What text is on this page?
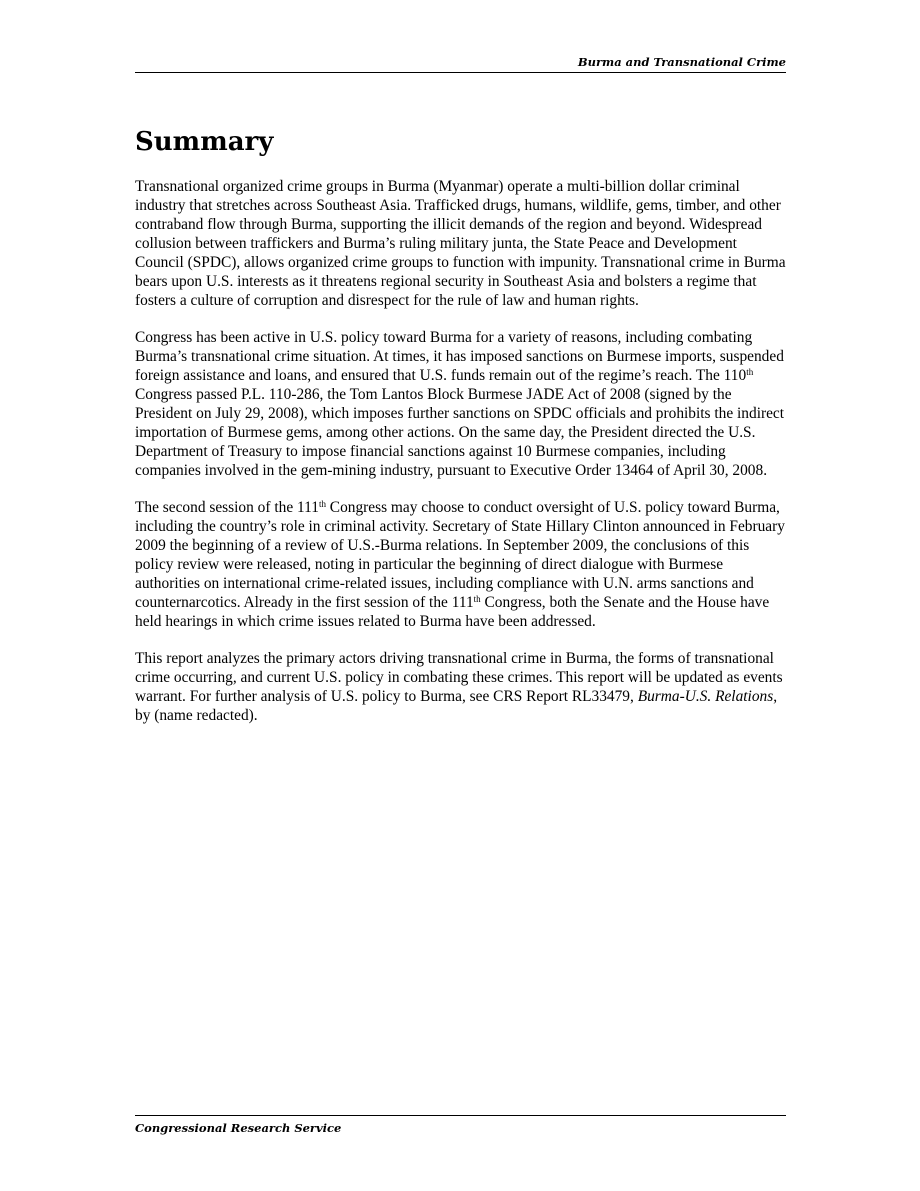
Burma and Transnational Crime
Summary

Transnational organized crime groups in Burma (Myanmar) operate a multi-billion dollar criminal industry that stretches across Southeast Asia. Trafficked drugs, humans, wildlife, gems, timber, and other contraband flow through Burma, supporting the illicit demands of the region and beyond. Widespread collusion between traffickers and Burma’s ruling military junta, the State Peace and Development Council (SPDC), allows organized crime groups to function with impunity. Transnational crime in Burma bears upon U.S. interests as it threatens regional security in Southeast Asia and bolsters a regime that fosters a culture of corruption and disrespect for the rule of law and human rights.

Congress has been active in U.S. policy toward Burma for a variety of reasons, including combating Burma’s transnational crime situation. At times, it has imposed sanctions on Burmese imports, suspended foreign assistance and loans, and ensured that U.S. funds remain out of the regime’s reach. The 110th Congress passed P.L. 110-286, the Tom Lantos Block Burmese JADE Act of 2008 (signed by the President on July 29, 2008), which imposes further sanctions on SPDC officials and prohibits the indirect importation of Burmese gems, among other actions. On the same day, the President directed the U.S. Department of Treasury to impose financial sanctions against 10 Burmese companies, including companies involved in the gem-mining industry, pursuant to Executive Order 13464 of April 30, 2008.

The second session of the 111th Congress may choose to conduct oversight of U.S. policy toward Burma, including the country’s role in criminal activity. Secretary of State Hillary Clinton announced in February 2009 the beginning of a review of U.S.-Burma relations. In September 2009, the conclusions of this policy review were released, noting in particular the beginning of direct dialogue with Burmese authorities on international crime-related issues, including compliance with U.N. arms sanctions and counternarcotics. Already in the first session of the 111th Congress, both the Senate and the House have held hearings in which crime issues related to Burma have been addressed.

This report analyzes the primary actors driving transnational crime in Burma, the forms of transnational crime occurring, and current U.S. policy in combating these crimes. This report will be updated as events warrant. For further analysis of U.S. policy to Burma, see CRS Report RL33479, Burma-U.S. Relations, by (name redacted).

Congressional Research Service
